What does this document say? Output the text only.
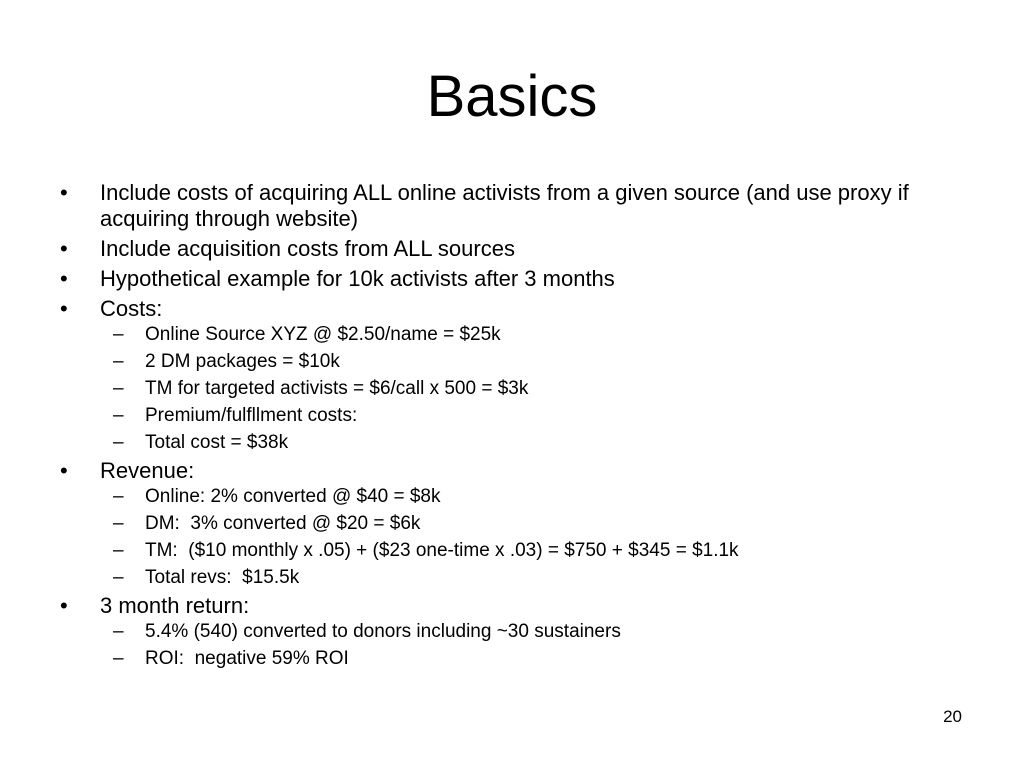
Basics
•	Include costs of acquiring ALL online activists from a given source (and use proxy if acquiring through website)
•	Include acquisition costs from ALL sources
•	Hypothetical example for 10k activists after 3 months
•	Costs:
–	Online Source XYZ @ $2.50/name = $25k
–	2 DM packages = $10k
–	TM for targeted activists = $6/call x 500 = $3k
–	Premium/fulfllment costs:
–	Total cost = $38k
•	Revenue:
–	Online: 2% converted @ $40 = $8k
–	DM:  3% converted @ $20 = $6k
–	TM:  ($10 monthly x .05) + ($23 one-time x .03) = $750 + $345 = $1.1k
–	Total revs:  $15.5k
•	3 month return:
–	5.4% (540) converted to donors including ~30 sustainers
–	ROI:  negative 59% ROI
20
